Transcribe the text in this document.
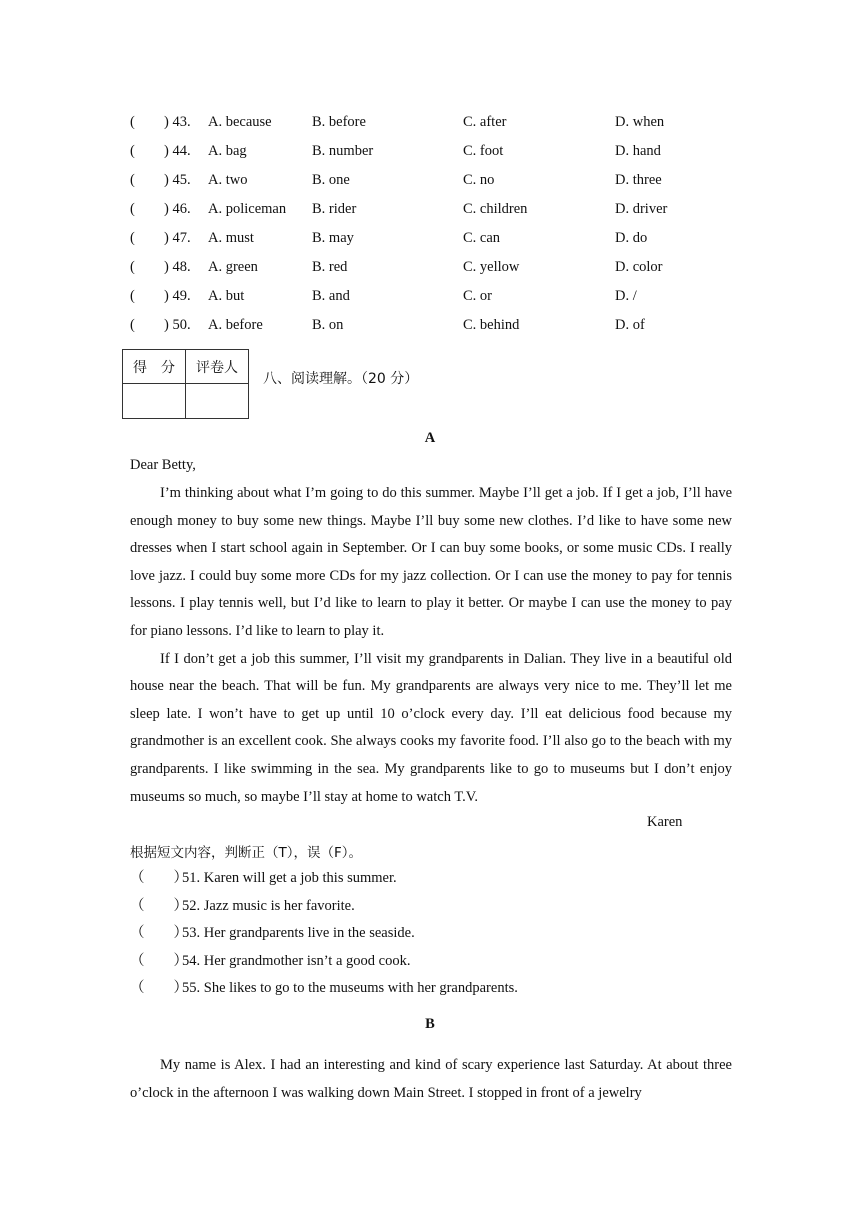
( ) 43. A. because	B. before	C. after	D. when
( ) 44. A. bag	B. number	C. foot	D. hand
( ) 45. A. two	B. one	C. no	D. three
( ) 46. A. policeman B. rider	C. children	D. driver
( ) 47. A. must	B. may	C. can	D. do
( ) 48. A. green	B. red	C. yellow	D. color
( ) 49. A. but	B. and	C. or	D. /
( ) 50. A. before	B. on	C. behind	D. of
得　分	评卷人

八、阅读理解。（20 分）
A
Dear Betty,

I’m thinking about what I’m going to do this summer. Maybe I’ll get a job. If I get a job, I’ll have enough money to buy some new things. Maybe I’ll buy some new clothes. I’d like to have some new dresses when I start school again in September. Or I can buy some books, or some music CDs. I really love jazz. I could buy some more CDs for my jazz collection. Or I can use the money to pay for tennis lessons. I play tennis well, but I’d like to learn to play it better. Or maybe I can use the money to pay for piano lessons. I’d like to learn to play it.

If I don’t get a job this summer, I’ll visit my grandparents in Dalian. They live in a beautiful old house near the beach. That will be fun. My grandparents are always very nice to me. They’ll let me sleep late. I won’t have to get up until 10 o’clock every day. I’ll eat delicious food because my grandmother is an excellent cook. She always cooks my favorite food. I’ll also go to the beach with my grandparents. I like swimming in the sea. My grandparents like to go to museums but I don’t enjoy museums so much, so maybe I’ll stay at home to watch T.V.

Karen
根据短文内容，判断正（T），误（F）。
（　　）
51. Karen will get a job this summer.
（　　）
52. Jazz music is her favorite.
（　　）
53. Her grandparents live in the seaside.
（　　）
54. Her grandmother isn’t a good cook.
（　　）
55. She likes to go to the museums with her grandparents.
B

My name is Alex. I had an interesting and kind of scary experience last Saturday. At about three o’clock in the afternoon I was walking down Main Street. I stopped in front of a jewelry
